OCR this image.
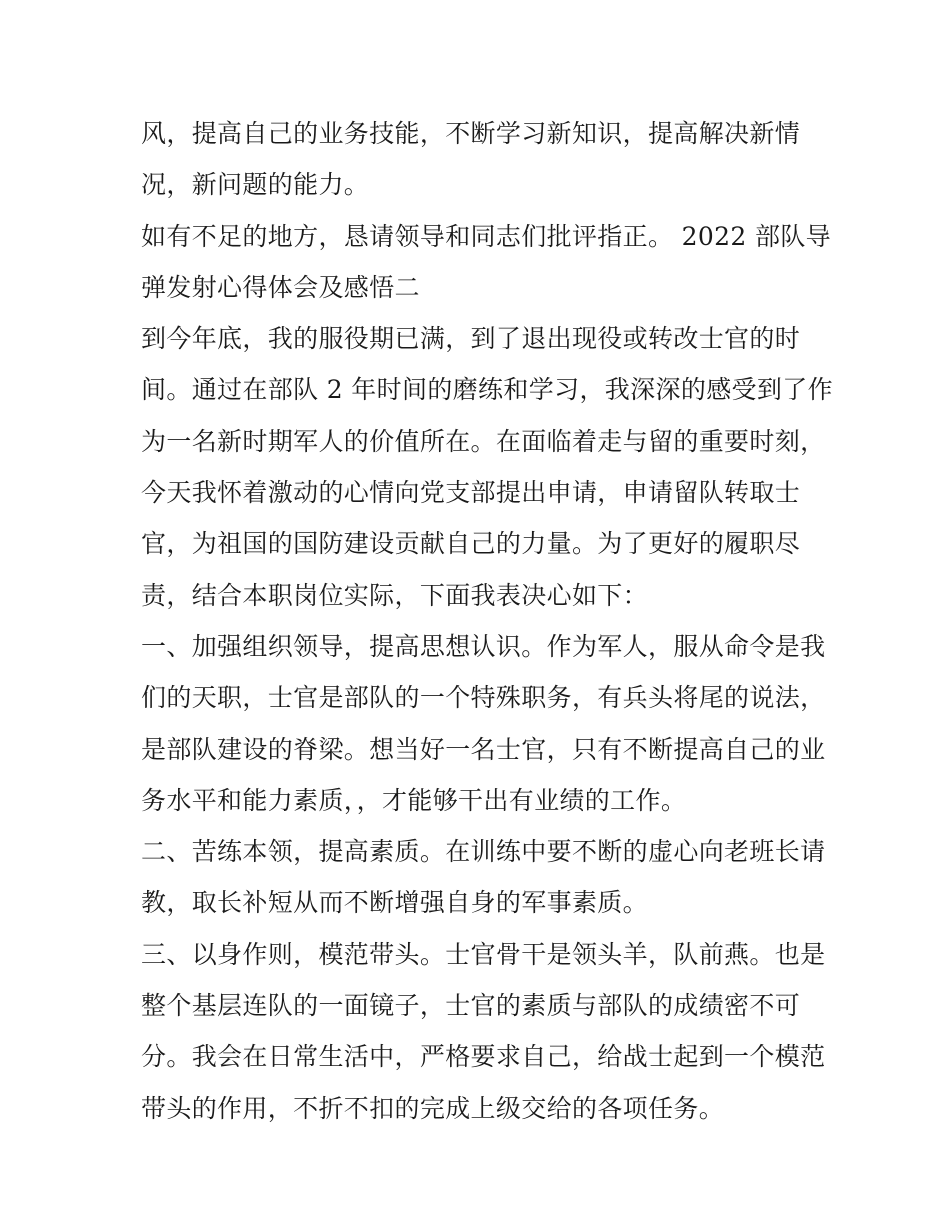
风，提高自己的业务技能，不断学习新知识，提高解决新情
况，新问题的能力。
如有不足的地方，恳请领导和同志们批评指正。 2022 部队导
弹发射心得体会及感悟二
到今年底，我的服役期已满，到了退出现役或转改士官的时
间。通过在部队 2 年时间的磨练和学习，我深深的感受到了作
为一名新时期军人的价值所在。在面临着走与留的重要时刻，
今天我怀着激动的心情向党支部提出申请，申请留队转取士
官，为祖国的国防建设贡献自己的力量。为了更好的履职尽
责，结合本职岗位实际，下面我表决心如下：
一、加强组织领导，提高思想认识。作为军人，服从命令是我
们的天职，士官是部队的一个特殊职务，有兵头将尾的说法，
是部队建设的脊梁。想当好一名士官，只有不断提高自己的业
务水平和能力素质，，才能够干出有业绩的工作。
二、苦练本领，提高素质。在训练中要不断的虚心向老班长请
教，取长补短从而不断增强自身的军事素质。
三、以身作则，模范带头。士官骨干是领头羊，队前燕。也是
整个基层连队的一面镜子，士官的素质与部队的成绩密不可
分。我会在日常生活中，严格要求自己，给战士起到一个模范
带头的作用，不折不扣的完成上级交给的各项任务。
